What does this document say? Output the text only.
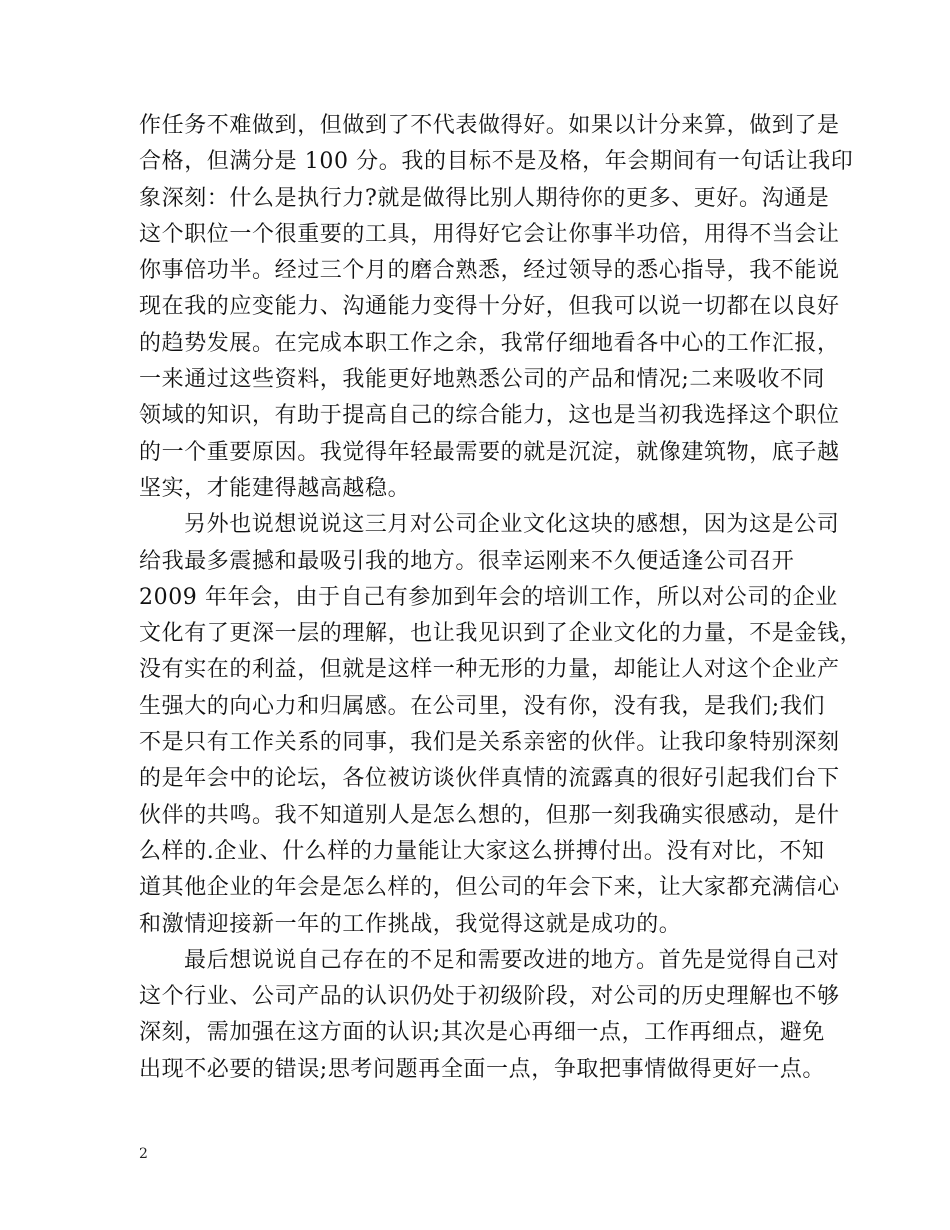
作任务不难做到，但做到了不代表做得好。如果以计分来算，做到了是
合格，但满分是 100 分。我的目标不是及格，年会期间有一句话让我印
象深刻：什么是执行力?就是做得比别人期待你的更多、更好。沟通是
这个职位一个很重要的工具，用得好它会让你事半功倍，用得不当会让
你事倍功半。经过三个月的磨合熟悉，经过领导的悉心指导，我不能说
现在我的应变能力、沟通能力变得十分好，但我可以说一切都在以良好
的趋势发展。在完成本职工作之余，我常仔细地看各中心的工作汇报，
一来通过这些资料，我能更好地熟悉公司的产品和情况;二来吸收不同
领域的知识，有助于提高自己的综合能力，这也是当初我选择这个职位
的一个重要原因。我觉得年轻最需要的就是沉淀，就像建筑物，底子越
坚实，才能建得越高越稳。
另外也说想说说这三月对公司企业文化这块的感想，因为这是公司
给我最多震撼和最吸引我的地方。很幸运刚来不久便适逢公司召开
2009 年年会，由于自己有参加到年会的培训工作，所以对公司的企业
文化有了更深一层的理解，也让我见识到了企业文化的力量，不是金钱，
没有实在的利益，但就是这样一种无形的力量，却能让人对这个企业产
生强大的向心力和归属感。在公司里，没有你，没有我，是我们;我们
不是只有工作关系的同事，我们是关系亲密的伙伴。让我印象特别深刻
的是年会中的论坛，各位被访谈伙伴真情的流露真的很好引起我们台下
伙伴的共鸣。我不知道别人是怎么想的，但那一刻我确实很感动，是什
么样的.企业、什么样的力量能让大家这么拼搏付出。没有对比，不知
道其他企业的年会是怎么样的，但公司的年会下来，让大家都充满信心
和激情迎接新一年的工作挑战，我觉得这就是成功的。
最后想说说自己存在的不足和需要改进的地方。首先是觉得自己对
这个行业、公司产品的认识仍处于初级阶段，对公司的历史理解也不够
深刻，需加强在这方面的认识;其次是心再细一点，工作再细点，避免
出现不必要的错误;思考问题再全面一点，争取把事情做得更好一点。
2
